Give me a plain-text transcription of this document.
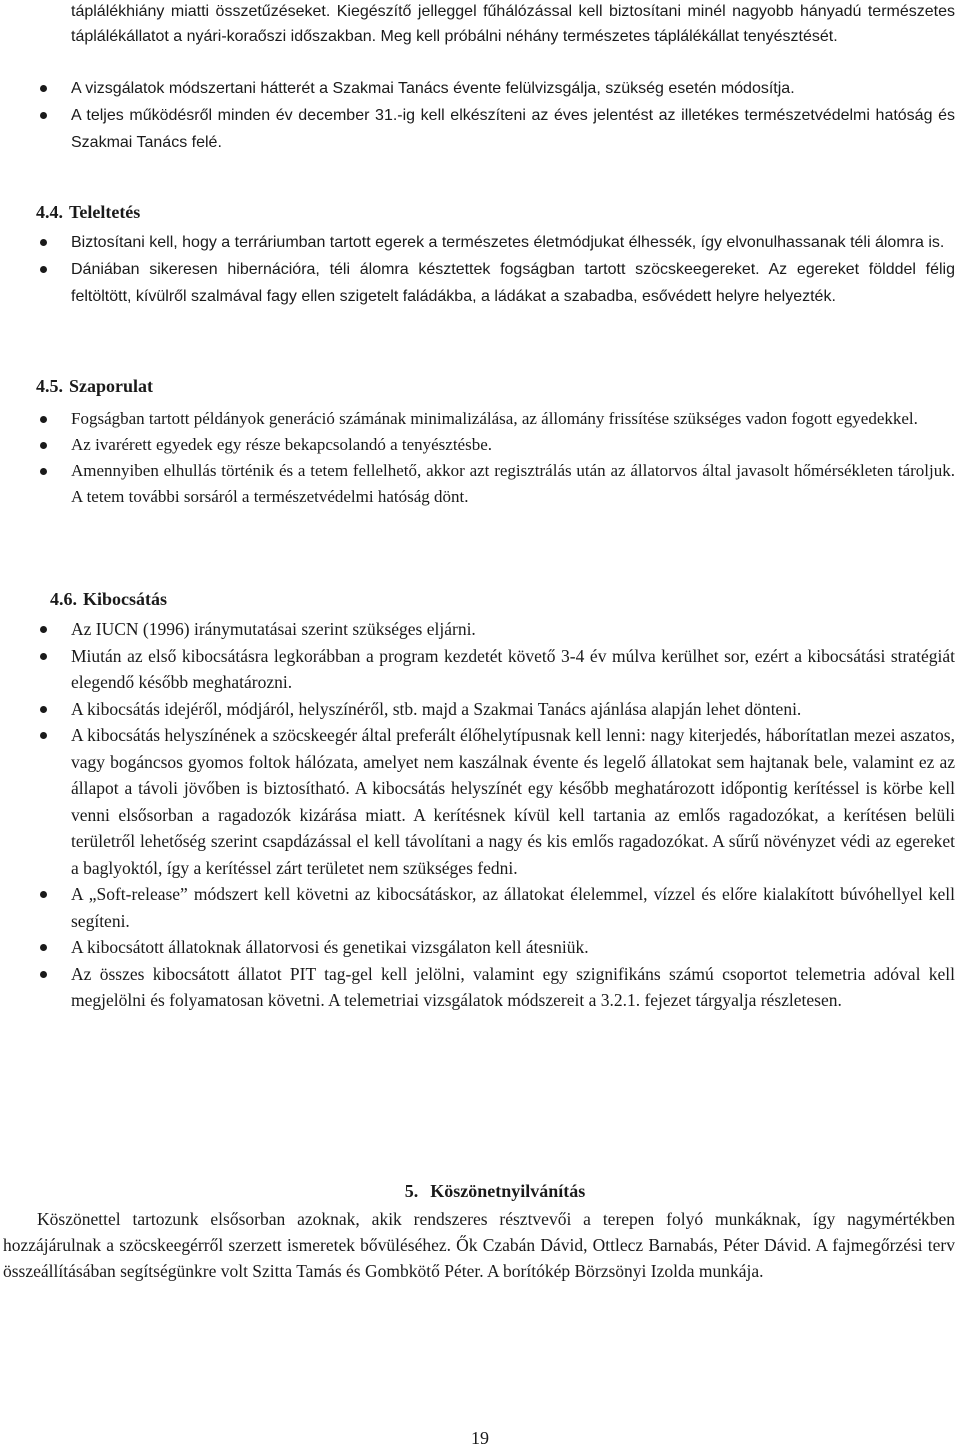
táplálékhiány miatti összetűzéseket. Kiegészítő jelleggel fűhálózással kell biztosítani minél nagyobb hányadú természetes táplálékállatot a nyári-koraőszi időszakban. Meg kell próbálni néhány természetes táplálékállat tenyésztését.

A vizsgálatok módszertani hátterét a Szakmai Tanács évente felülvizsgálja, szükség esetén módosítja.
A teljes működésről minden év december 31.-ig kell elkészíteni az éves jelentést az illetékes természetvédelmi hatóság és Szakmai Tanács felé.
4.4. Teleltetés
Biztosítani kell, hogy a terráriumban tartott egerek a természetes életmódjukat élhessék, így elvonulhassanak téli álomra is.
Dániában sikeresen hibernációra, téli álomra késztettek fogságban tartott szöcskeegereket. Az egereket földdel félig feltöltött, kívülről szalmával fagy ellen szigetelt faládákba, a ládákat a szabadba, esővédett helyre helyezték.
4.5. Szaporulat
Fogságban tartott példányok generáció számának minimalizálása, az állomány frissítése szükséges vadon fogott egyedekkel.
Az ivarérett egyedek egy része bekapcsolandó a tenyésztésbe.
Amennyiben elhullás történik és a tetem fellelhető, akkor azt regisztrálás után az állatorvos által javasolt hőmérsékleten tároljuk. A tetem további sorsáról a természetvédelmi hatóság dönt.
4.6. Kibocsátás
Az IUCN (1996) iránymutatásai szerint szükséges eljárni.
Miután az első kibocsátásra legkorábban a program kezdetét követő 3-4 év múlva kerülhet sor, ezért a kibocsátási stratégiát elegendő később meghatározni.
A kibocsátás idejéről, módjáról, helyszínéről, stb. majd a Szakmai Tanács ajánlása alapján lehet dönteni.
A kibocsátás helyszínének a szöcskeegér által preferált élőhelytípusnak kell lenni: nagy kiterjedés, háborítatlan mezei aszatos, vagy bogáncsos gyomos foltok hálózata, amelyet nem kaszálnak évente és legelő állatokat sem hajtanak bele, valamint ez az állapot a távoli jövőben is biztosítható. A kibocsátás helyszínét egy később meghatározott időpontig kerítéssel is körbe kell venni elsősorban a ragadozók kizárása miatt. A kerítésnek kívül kell tartania az emlős ragadozókat, a kerítésen belüli területről lehetőség szerint csapdázással el kell távolítani a nagy és kis emlős ragadozókat. A sűrű növényzet védi az egereket a baglyoktól, így a kerítéssel zárt területet nem szükséges fedni.
A „Soft-release” módszert kell követni az kibocsátáskor, az állatokat élelemmel, vízzel és előre kialakított búvóhellyel kell segíteni.
A kibocsátott állatoknak állatorvosi és genetikai vizsgálaton kell átesniük.
Az összes kibocsátott állatot PIT tag-gel kell jelölni, valamint egy szignifikáns számú csoportot telemetria adóval kell megjelölni és folyamatosan követni. A telemetriai vizsgálatok módszereit a 3.2.1. fejezet tárgyalja részletesen.
5. Köszönetnyilvánítás

Köszönettel tartozunk elsősorban azoknak, akik rendszeres résztvevői a terepen folyó munkáknak, így nagymértékben hozzájárulnak a szöcskeegérről szerzett ismeretek bővüléséhez. Ők Czabán Dávid, Ottlecz Barnabás, Péter Dávid. A fajmegőrzési terv összeállításában segítségünkre volt Szitta Tamás és Gombkötő Péter. A borítókép Börzsönyi Izolda munkája.

19
